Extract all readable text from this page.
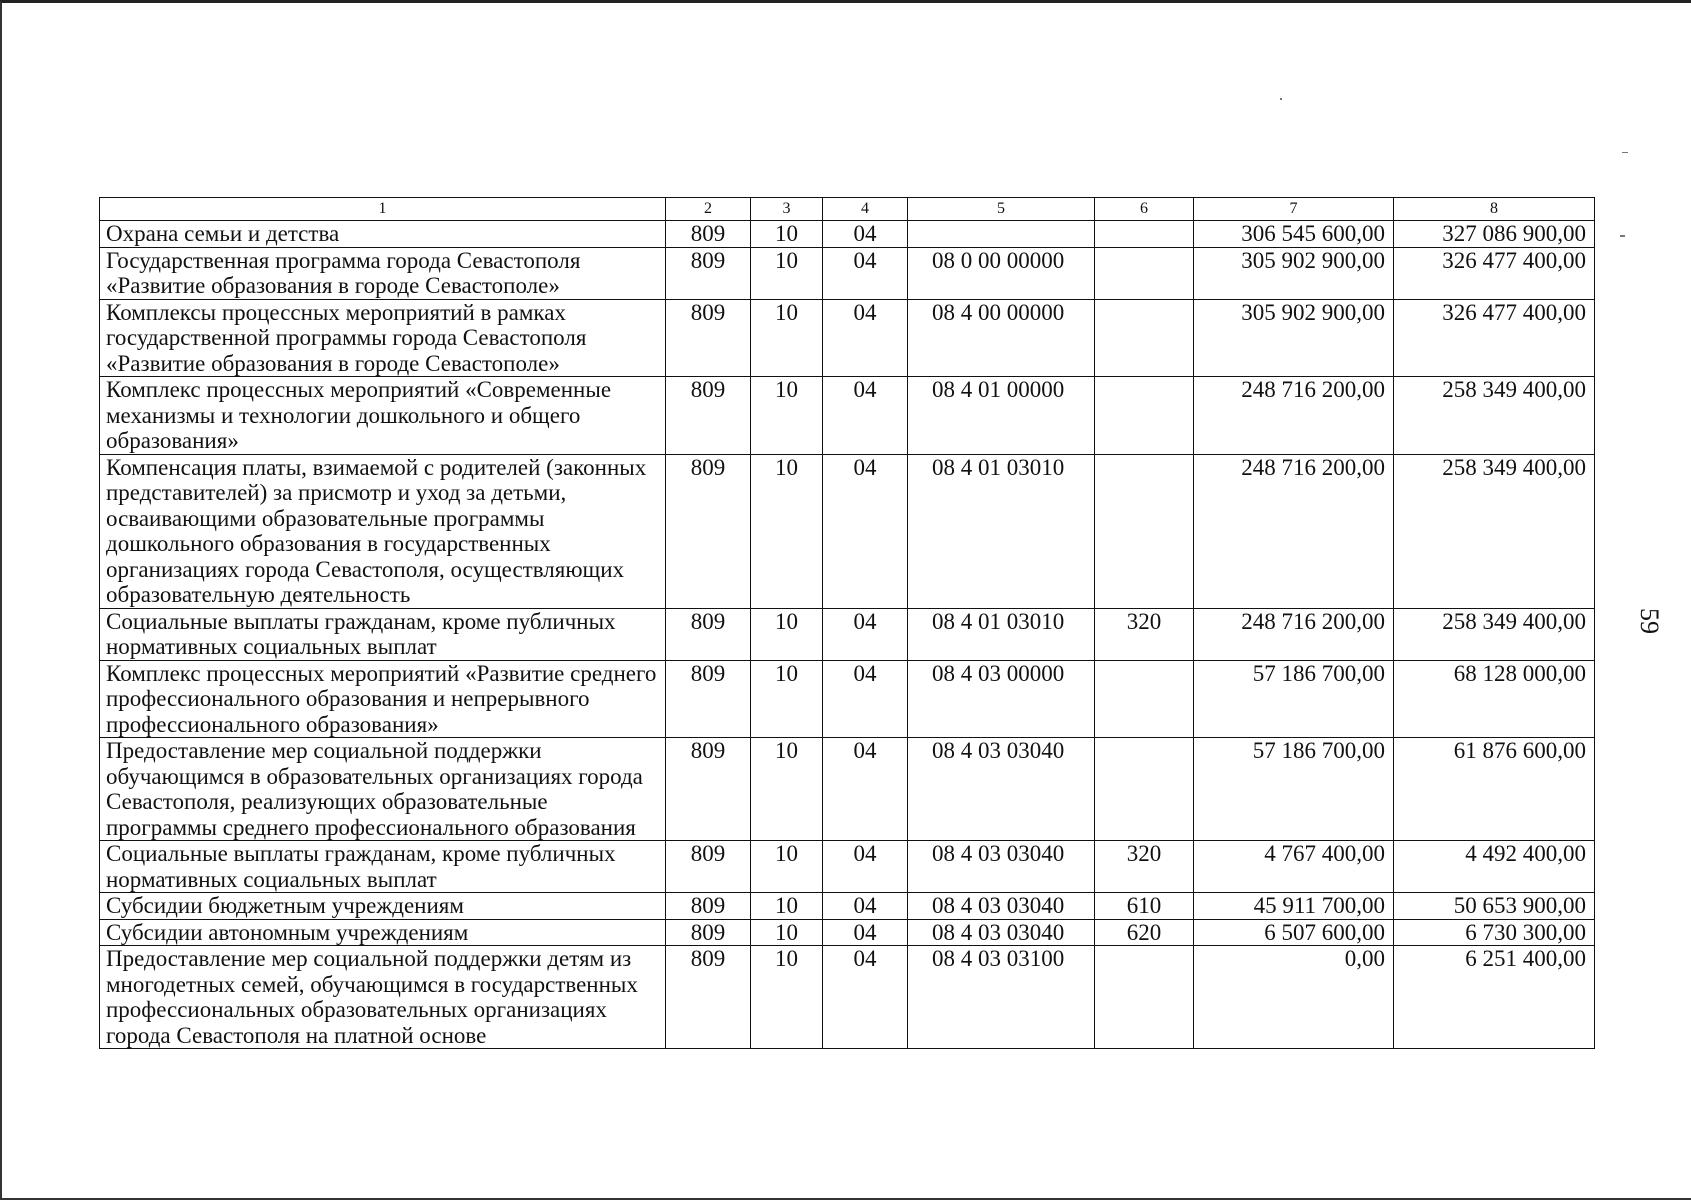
1	2	3	4	5	6	7	8
Охрана семьи и детства	809	10	04			306 545 600,00	327 086 900,00
Государственная программа города Севастополя «Развитие образования в городе Севастополе»	809	10	04	08 0 00 00000		305 902 900,00	326 477 400,00
Комплексы процессных мероприятий в рамках государственной программы города Севастополя «Развитие образования в городе Севастополе»	809	10	04	08 4 00 00000		305 902 900,00	326 477 400,00
Комплекс процессных мероприятий «Современные механизмы и технологии дошкольного и общего образования»	809	10	04	08 4 01 00000		248 716 200,00	258 349 400,00
Компенсация платы, взимаемой с родителей (законных представителей) за присмотр и уход за детьми, осваивающими образовательные программы дошкольного образования в государственных организациях города Севастополя, осуществляющих образовательную деятельность	809	10	04	08 4 01 03010		248 716 200,00	258 349 400,00
Социальные выплаты гражданам, кроме публичных нормативных социальных выплат	809	10	04	08 4 01 03010	320	248 716 200,00	258 349 400,00
Комплекс процессных мероприятий «Развитие среднего профессионального образования и непрерывного профессионального образования»	809	10	04	08 4 03 00000		57 186 700,00	68 128 000,00
Предоставление мер социальной поддержки обучающимся в образовательных организациях города Севастополя, реализующих образовательные программы среднего профессионального образования	809	10	04	08 4 03 03040		57 186 700,00	61 876 600,00
Социальные выплаты гражданам, кроме публичных нормативных социальных выплат	809	10	04	08 4 03 03040	320	4 767 400,00	4 492 400,00
Субсидии бюджетным учреждениям	809	10	04	08 4 03 03040	610	45 911 700,00	50 653 900,00
Субсидии автономным учреждениям	809	10	04	08 4 03 03040	620	6 507 600,00	6 730 300,00
Предоставление мер социальной поддержки детям из многодетных семей, обучающимся в государственных профессиональных образовательных организациях города Севастополя на платной основе	809	10	04	08 4 03 03100		0,00	6 251 400,00
59
